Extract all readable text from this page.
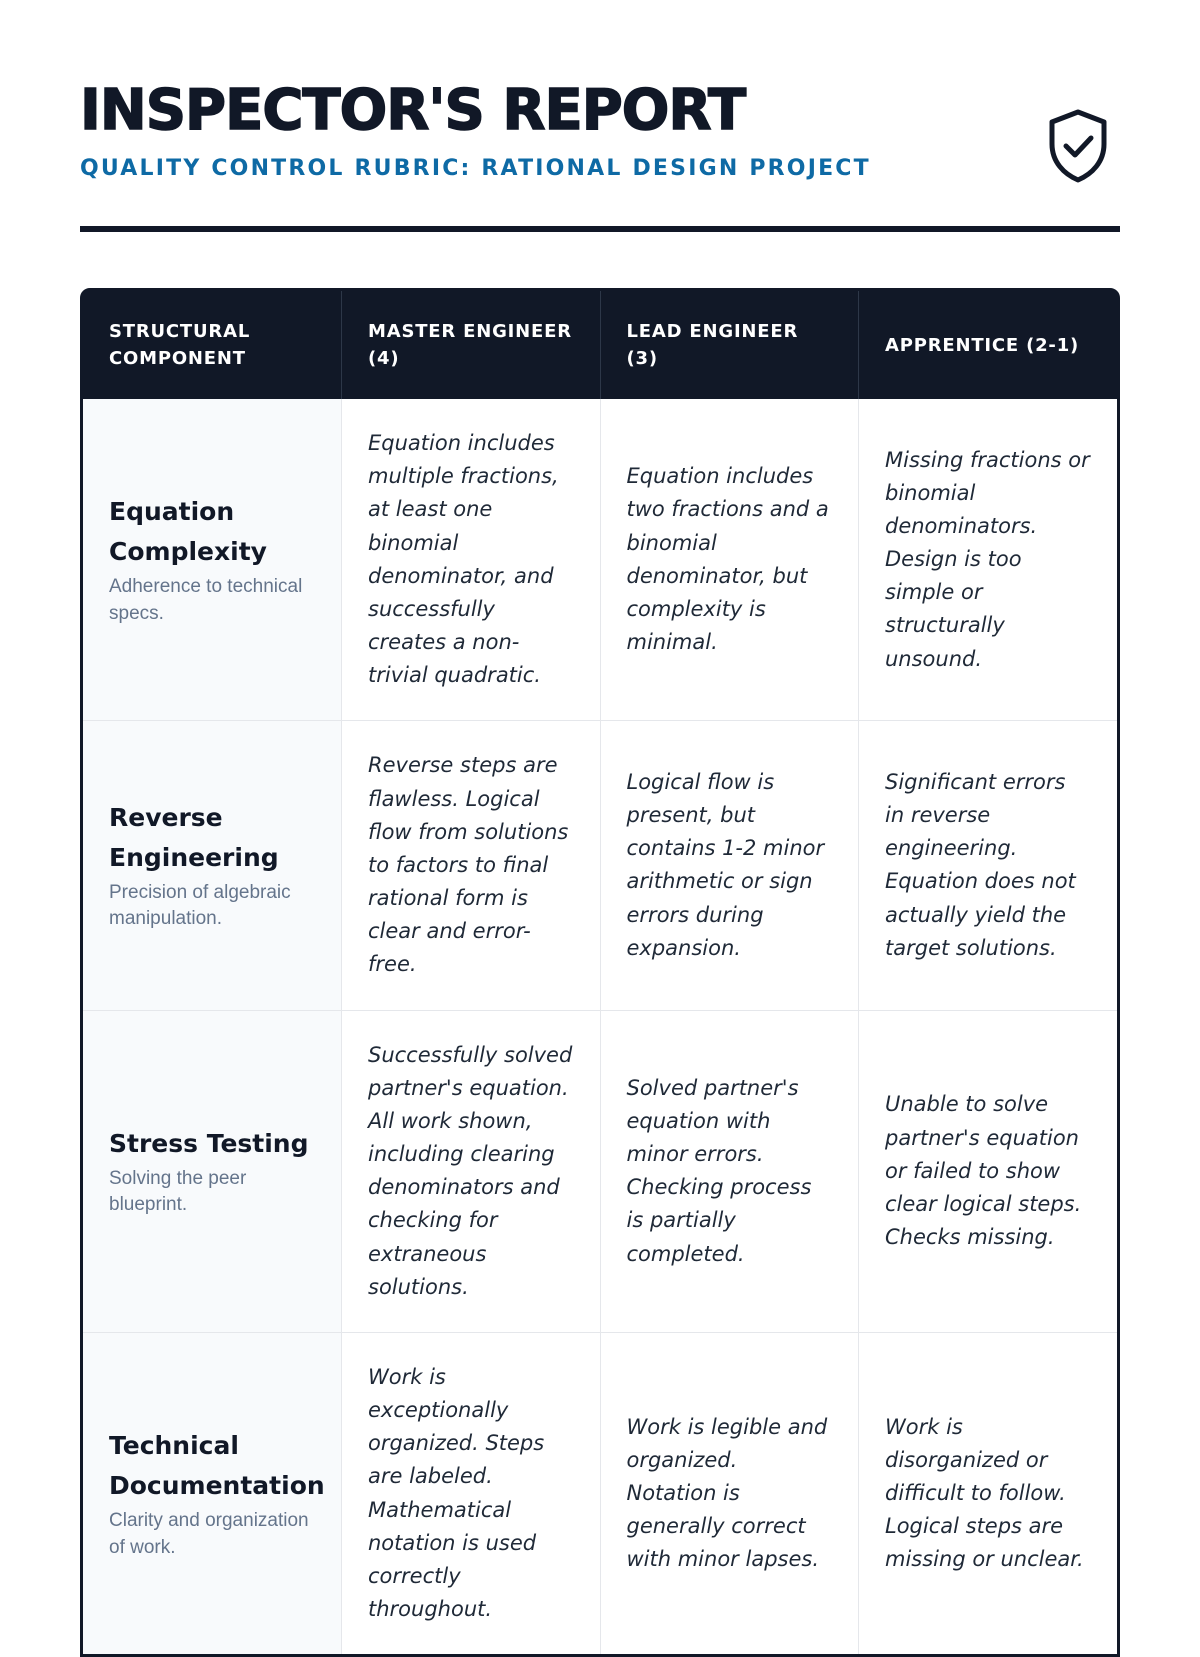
INSPECTOR'S REPORT
QUALITY CONTROL RUBRIC: RATIONAL DESIGN PROJECT
STRUCTURAL COMPONENT	MASTER ENGINEER (4)	LEAD ENGINEER (3)	APPRENTICE (2-1)

Equation Complexity
Adherence to technical specs.	Equation includes multiple fractions, at least one binomial denominator, and successfully creates a non-trivial quadratic.	Equation includes two fractions and a binomial denominator, but complexity is minimal.	Missing fractions or binomial denominators. Design is too simple or structurally unsound.

Reverse Engineering
Precision of algebraic manipulation.	Reverse steps are flawless. Logical flow from solutions to factors to final rational form is clear and error-free.	Logical flow is present, but contains 1-2 minor arithmetic or sign errors during expansion.	Significant errors in reverse engineering. Equation does not actually yield the target solutions.

Stress Testing
Solving the peer blueprint.	Successfully solved partner's equation. All work shown, including clearing denominators and checking for extraneous solutions.	Solved partner's equation with minor errors. Checking process is partially completed.	Unable to solve partner's equation or failed to show clear logical steps. Checks missing.

Technical Documentation
Clarity and organization of work.	Work is exceptionally organized. Steps are labeled. Mathematical notation is used correctly throughout.	Work is legible and organized. Notation is generally correct with minor lapses.	Work is disorganized or difficult to follow. Logical steps are missing or unclear.
